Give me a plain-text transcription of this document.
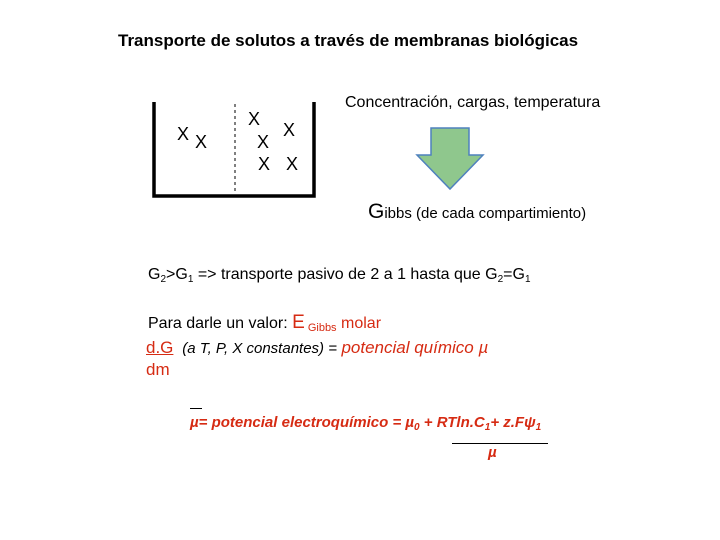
Transporte de solutos a través de membranas biológicas
X X
X
X
X
X X
Concentración, cargas, temperatura
Gibbs (de cada compartimiento)
$G_2>G_1$ => transporte pasivo de 2 a 1 hasta que $G_2=G_1$
Para darle un valor: E Gibbs molar
d.G (a T, P, X constantes) = potencial químico µ
dm
µ= potencial electroquímico = $\mu_0 + RTln.C_1+ z.F\psi_1$
µ
